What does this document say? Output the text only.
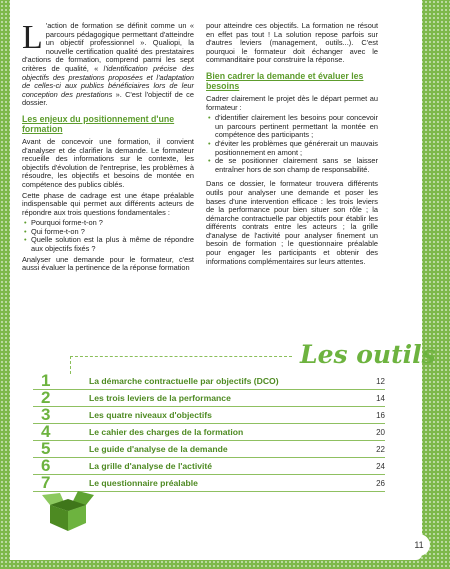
L 'action de formation se définit comme un « parcours pédagogique permettant d'atteindre un objectif professionnel ». Qualiopi, la nouvelle certification qualité des prestataires d'actions de formation, comprend parmi les sept critères de qualité, « l'identification précise des objectifs des prestations proposées et l'adaptation de celles-ci aux publics bénéficiaires lors de leur conception des prestations ». C'est l'objectif de ce dossier.

Les enjeux du positionnement d'une formation

Avant de concevoir une formation, il convient d'analyser et de clarifier la demande. Le formateur recueille des informations sur le contexte, les objectifs d'évolution de l'entreprise, les problèmes à résoudre, les objectifs et besoins de montée en compétence des publics ciblés.

Cette phase de cadrage est une étape préalable indispensable qui permet aux différents acteurs de répondre aux trois questions fondamentales :

• Pourquoi forme-t-on ?
• Qui forme-t-on ?
• Quelle solution est la plus à même de répondre aux objectifs fixés ?

Analyser une demande pour le formateur, c'est aussi évaluer la pertinence de la réponse formation

pour atteindre ces objectifs. La formation ne résout en effet pas tout ! La solution repose parfois sur d'autres leviers (management, outils...). C'est pourquoi le formateur doit échanger avec le commanditaire pour construire la réponse.

Bien cadrer la demande et évaluer les besoins

Cadrer clairement le projet dès le départ permet au formateur :

• d'identifier clairement les besoins pour concevoir un parcours pertinent permettant la montée en compétence des participants ;
• d'éviter les problèmes que générerait un mauvais positionnement en amont ;
• de se positionner clairement sans se laisser entraîner hors de son champ de responsabilité.

Dans ce dossier, le formateur trouvera différents outils pour analyser une demande et poser les bases d'une intervention efficace : les trois leviers de la performance pour bien situer son rôle ; la démarche contractuelle par objectifs pour établir les différents contrats entre les acteurs ; la grille d'analyse de l'activité pour analyser finement un besoin de formation ; le questionnaire préalable pour engager les participants et obtenir des informations complémentaires sur leurs attentes.

Les outils
1	La démarche contractuelle par objectifs (DCO)	12
2	Les trois leviers de la performance	14
3	Les quatre niveaux d'objectifs	16
4	Le cahier des charges de la formation	20
5	Le guide d'analyse de la demande	22
6	La grille d'analyse de l'activité	24
7	Le questionnaire préalable	26
11
